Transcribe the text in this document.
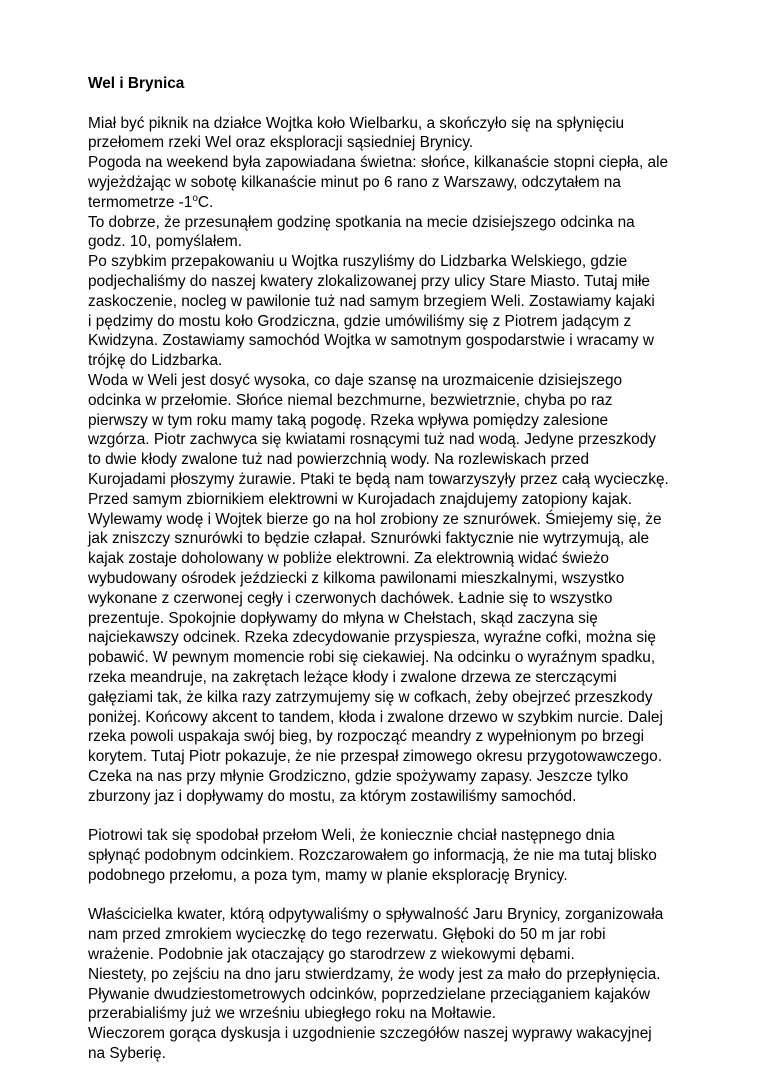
Wel i Brynica
Miał być piknik na działce Wojtka koło Wielbarku, a skończyło się na spłynięciu
przełomem rzeki Wel oraz eksploracji sąsiedniej Brynicy.
Pogoda na weekend była zapowiadana świetna: słońce, kilkanaście stopni ciepła, ale
wyjeżdżając w sobotę kilkanaście minut po 6 rano z Warszawy, odczytałem na
termometrze -1$^o$C.
To dobrze, że przesunąłem godzinę spotkania na mecie dzisiejszego odcinka na
godz. 10, pomyślałem.
Po szybkim przepakowaniu u Wojtka ruszyliśmy do Lidzbarka Welskiego, gdzie
podjechaliśmy do naszej kwatery zlokalizowanej przy ulicy Stare Miasto. Tutaj miłe
zaskoczenie, nocleg w pawilonie tuż nad samym brzegiem Weli. Zostawiamy kajaki
i pędzimy do mostu koło Grodziczna, gdzie umówiliśmy się z Piotrem jadącym z
Kwidzyna. Zostawiamy samochód Wojtka w samotnym gospodarstwie i wracamy w
trójkę do Lidzbarka.
Woda w Weli jest dosyć wysoka, co daje szansę na urozmaicenie dzisiejszego
odcinka w przełomie. Słońce niemal bezchmurne, bezwietrznie, chyba po raz
pierwszy w tym roku mamy taką pogodę. Rzeka wpływa pomiędzy zalesione
wzgórza. Piotr zachwyca się kwiatami rosnącymi tuż nad wodą. Jedyne przeszkody
to dwie kłody zwalone tuż nad powierzchnią wody. Na rozlewiskach przed
Kurojadami płoszymy żurawie. Ptaki te będą nam towarzyszyły przez całą wycieczkę.
Przed samym zbiornikiem elektrowni w Kurojadach znajdujemy zatopiony kajak.
Wylewamy wodę i Wojtek bierze go na hol zrobiony ze sznurówek. Śmiejemy się, że
jak zniszczy sznurówki to będzie człapał. Sznurówki faktycznie nie wytrzymują, ale
kajak zostaje doholowany w pobliże elektrowni. Za elektrownią widać świeżo
wybudowany ośrodek jeździecki z kilkoma pawilonami mieszkalnymi, wszystko
wykonane z czerwonej cegły i czerwonych dachówek. Ładnie się to wszystko
prezentuje. Spokojnie dopływamy do młyna w Chełstach, skąd zaczyna się
najciekawszy odcinek. Rzeka zdecydowanie przyspiesza, wyraźne cofki, można się
pobawić. W pewnym momencie robi się ciekawiej. Na odcinku o wyraźnym spadku,
rzeka meandruje, na zakrętach leżące kłody i zwalone drzewa ze sterczącymi
gałęziami tak, że kilka razy zatrzymujemy się w cofkach, żeby obejrzeć przeszkody
poniżej. Końcowy akcent to tandem, kłoda i zwalone drzewo w szybkim nurcie. Dalej
rzeka powoli uspakaja swój bieg, by rozpocząć meandry z wypełnionym po brzegi
korytem. Tutaj Piotr pokazuje, że nie przespał zimowego okresu przygotowawczego.
Czeka na nas przy młynie Grodziczno, gdzie spożywamy zapasy. Jeszcze tylko
zburzony jaz i dopływamy do mostu, za którym zostawiliśmy samochód.
Piotrowi tak się spodobał przełom Weli, że koniecznie chciał następnego dnia
spłynąć podobnym odcinkiem. Rozczarowałem go informacją, że nie ma tutaj blisko
podobnego przełomu, a poza tym, mamy w planie eksplorację Brynicy.
Właścicielka kwater, którą odpytywaliśmy o spływalność Jaru Brynicy, zorganizowała
nam przed zmrokiem wycieczkę do tego rezerwatu. Głęboki do 50 m jar robi
wrażenie. Podobnie jak otaczający go starodrzew z wiekowymi dębami.
Niestety, po zejściu na dno jaru stwierdzamy, że wody jest za mało do przepłynięcia.
Pływanie dwudziestometrowych odcinków, poprzedzielane przeciąganiem kajaków
przerabialiśmy już we wrześniu ubiegłego roku na Mołtawie.
Wieczorem gorąca dyskusja i uzgodnienie szczegółów naszej wyprawy wakacyjnej
na Syberię.
